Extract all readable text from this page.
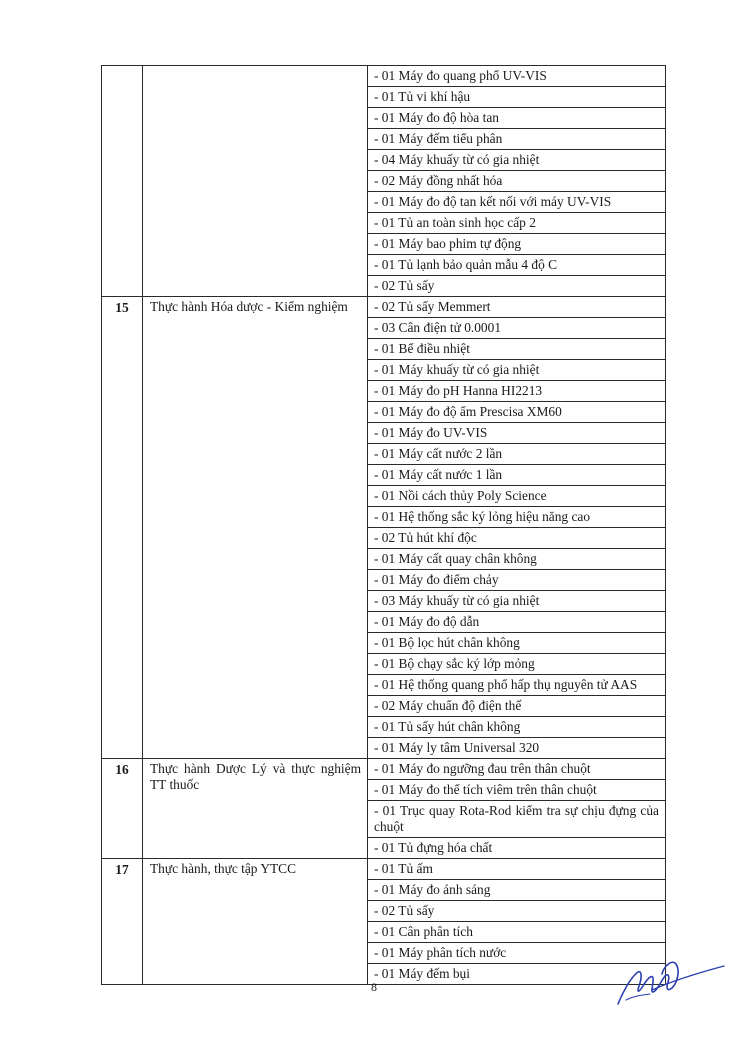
		- 01 Máy đo quang phổ UV-VIS
		- 01 Tủ vi khí hậu
		- 01 Máy đo độ hòa tan
		- 01 Máy đếm tiểu phân
		- 04 Máy khuấy từ có gia nhiệt
		- 02 Máy đồng nhất hóa
		- 01 Máy đo độ tan kết nối với máy UV-VIS
		- 01 Tủ an toàn sinh học cấp 2
		- 01 Máy bao phim tự động
		- 01 Tủ lạnh bảo quản mẫu 4 độ C
		- 02 Tủ sấy
15	Thực hành Hóa dược - Kiểm nghiệm	- 02 Tủ sấy Memmert
		- 03 Cân điện tử 0.0001
		- 01 Bể điều nhiệt
		- 01 Máy khuấy từ có gia nhiệt
		- 01 Máy đo pH Hanna HI2213
		- 01 Máy đo độ ẩm Prescisa XM60
		- 01 Máy đo UV-VIS
		- 01 Máy cất nước 2 lần
		- 01 Máy cất nước 1 lần
		- 01 Nồi cách thủy Poly Science
		- 01 Hệ thống sắc ký lỏng hiệu năng cao
		- 02 Tủ hút khí độc
		- 01 Máy cất quay chân không
		- 01 Máy đo điểm chảy
		- 03 Máy khuấy từ có gia nhiệt
		- 01 Máy đo độ dẫn
		- 01 Bộ lọc hút chân không
		- 01 Bộ chạy sắc ký lớp mỏng
		- 01 Hệ thống quang phổ hấp thụ nguyên tử AAS
		- 02 Máy chuẩn độ điện thế
		- 01 Tủ sấy hút chân không
		- 01 Máy ly tâm Universal 320
16	Thực hành Dược Lý và thực nghiệm TT thuốc	- 01 Máy đo ngưỡng đau trên thân chuột
		- 01 Máy đo thể tích viêm trên thân chuột
		- 01 Trục quay Rota-Rod kiểm tra sự chịu đựng của chuột
		- 01 Tủ đựng hóa chất
17	Thực hành, thực tập YTCC	- 01 Tủ ấm
		- 01 Máy đo ánh sáng
		- 02 Tủ sấy
		- 01 Cân phân tích
		- 01 Máy phân tích nước
		- 01 Máy đếm bụi
8
